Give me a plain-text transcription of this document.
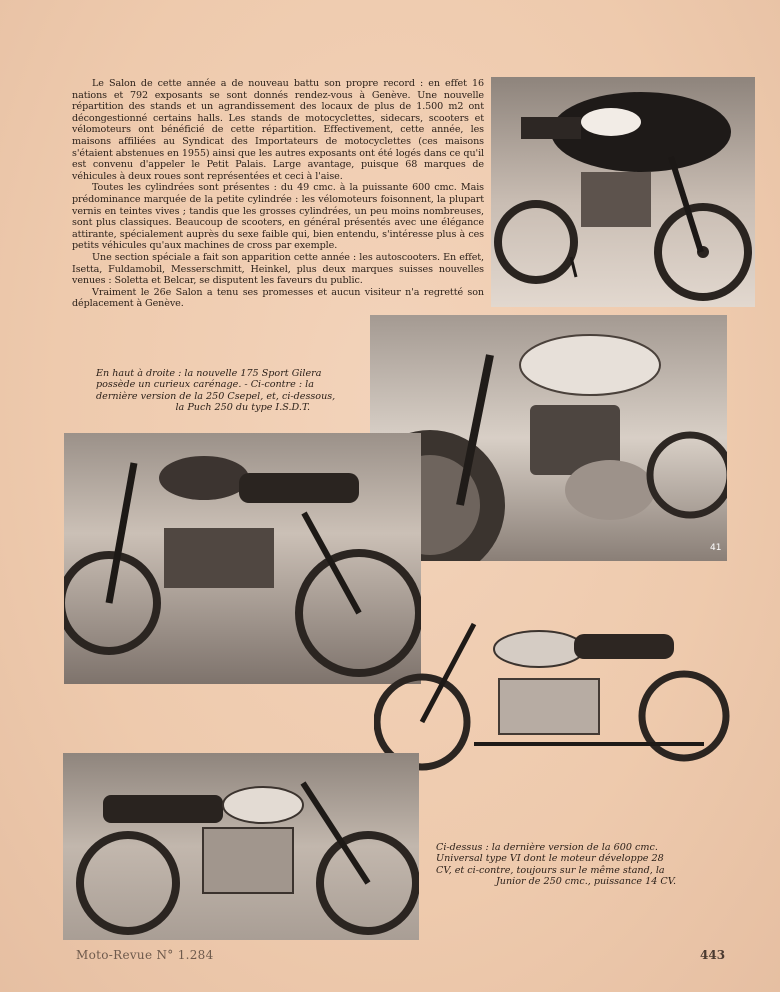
Le Salon de cette année a de nouveau battu son propre record : en effet 16 nations et 792 exposants se sont donnés rendez-vous à Genève. Une nouvelle répartition des stands et un agrandissement des locaux de plus de 1.500 m2 ont décongestionné certains halls. Les stands de motocyclettes, sidecars, scooters et vélomoteurs ont bénéficié de cette répartition. Effectivement, cette année, les maisons affiliées au Syndicat des Importateurs de motocyclettes (ces maisons s'étaient abstenues en 1955) ainsi que les autres exposants ont été logés dans ce qu'il est convenu d'appeler le Petit Palais. Large avantage, puisque 68 marques de véhicules à deux roues sont représentées et ceci à l'aise.

Toutes les cylindrées sont présentes : du 49 cmc. à la puissante 600 cmc. Mais prédominance marquée de la petite cylindrée : les vélomoteurs foisonnent, la plupart vernis en teintes vives ; tandis que les grosses cylindrées, un peu moins nombreuses, sont plus classiques. Beaucoup de scooters, en général présentés avec une élégance attirante, spécialement auprès du sexe faible qui, bien entendu, s'intéresse plus à ces petits véhicules qu'aux machines de cross par exemple.

Une section spéciale a fait son apparition cette année : les autoscooters. En effet, Isetta, Fuldamobil, Messerschmitt, Heinkel, plus deux marques suisses nouvelles venues : Soletta et Belcar, se disputent les faveurs du public.

Vraiment le 26e Salon a tenu ses promesses et aucun visiteur n'a regretté son déplacement à Genève.

41
En haut à droite : la nouvelle 175 Sport Gilera
possède un curieux carénage. - Ci-contre : la
dernière version de la 250 Csepel, et, ci-dessous,
la Puch 250 du type I.S.D.T.
Ci-dessus : la dernière version de la 600 cmc.
Universal type VI dont le moteur développe 28
CV, et ci-contre, toujours sur le même stand, la
Junior de 250 cmc., puissance 14 CV.
Moto-Revue N° 1.284	443
